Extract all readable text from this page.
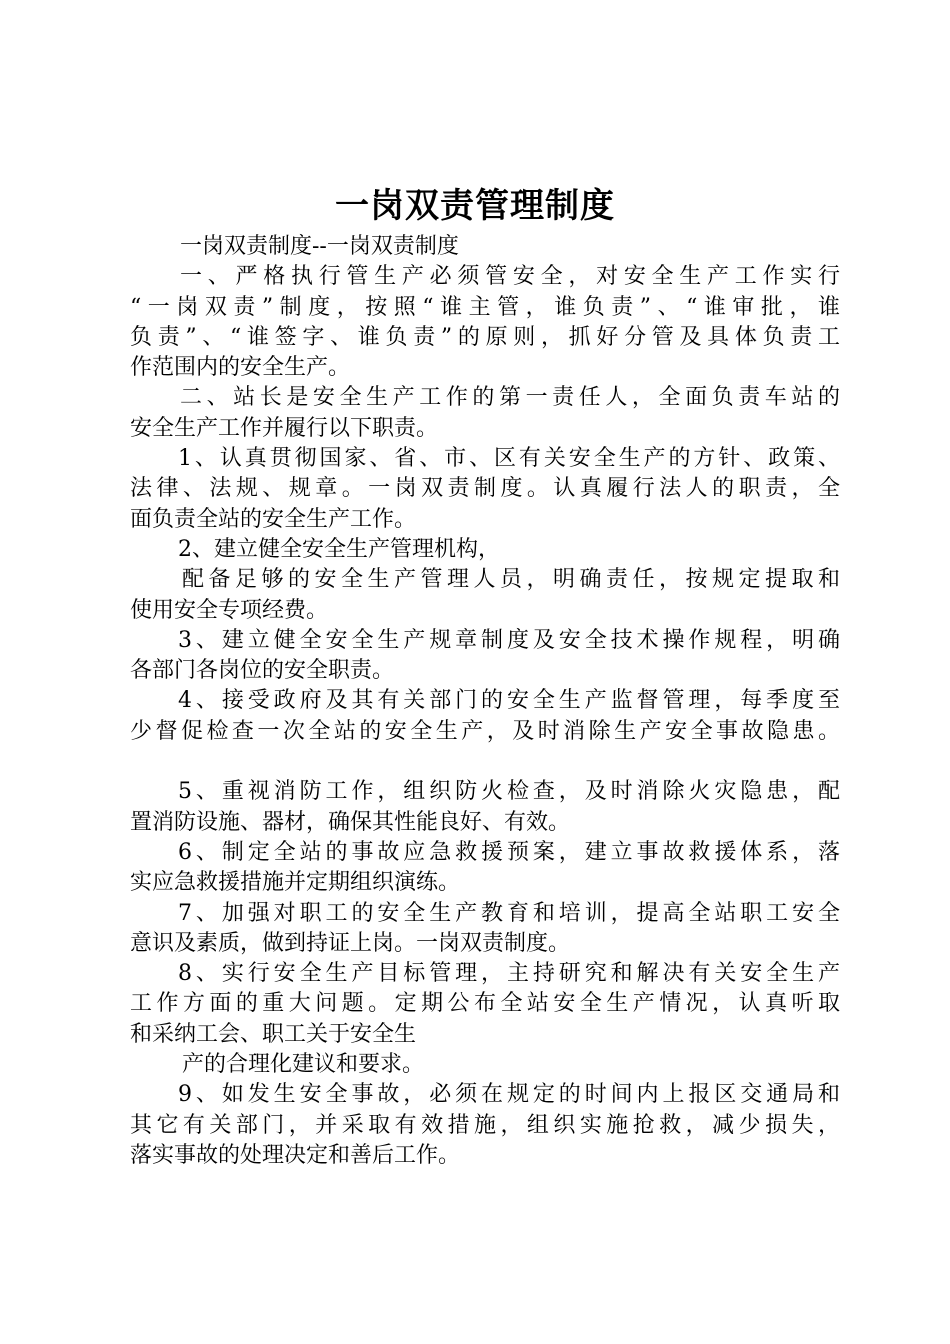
一岗双责管理制度
一岗双责制度--一岗双责制度
一、严格执行管生产必须管安全，对安全生产工作实行
“一岗双责”制度，按照“谁主管，谁负责”、“谁审批，谁
负责”、“谁签字、谁负责”的原则，抓好分管及具体负责工
作范围内的安全生产。
二、站长是安全生产工作的第一责任人，全面负责车站的
安全生产工作并履行以下职责。
1、认真贯彻国家、省、市、区有关安全生产的方针、政策、
法律、法规、规章。一岗双责制度。认真履行法人的职责，全
面负责全站的安全生产工作。
2、建立健全安全生产管理机构，
配备足够的安全生产管理人员，明确责任，按规定提取和
使用安全专项经费。
3、建立健全安全生产规章制度及安全技术操作规程，明确
各部门各岗位的安全职责。
4、接受政府及其有关部门的安全生产监督管理，每季度至
少督促检查一次全站的安全生产，及时消除生产安全事故隐患。
5、重视消防工作，组织防火检查，及时消除火灾隐患，配
置消防设施、器材，确保其性能良好、有效。
6、制定全站的事故应急救援预案，建立事故救援体系，落
实应急救援措施并定期组织演练。
7、加强对职工的安全生产教育和培训，提高全站职工安全
意识及素质，做到持证上岗。一岗双责制度。
8、实行安全生产目标管理，主持研究和解决有关安全生产
工作方面的重大问题。定期公布全站安全生产情况，认真听取
和采纳工会、职工关于安全生
产的合理化建议和要求。
9、如发生安全事故，必须在规定的时间内上报区交通局和
其它有关部门，并采取有效措施，组织实施抢救，减少损失，
落实事故的处理决定和善后工作。
